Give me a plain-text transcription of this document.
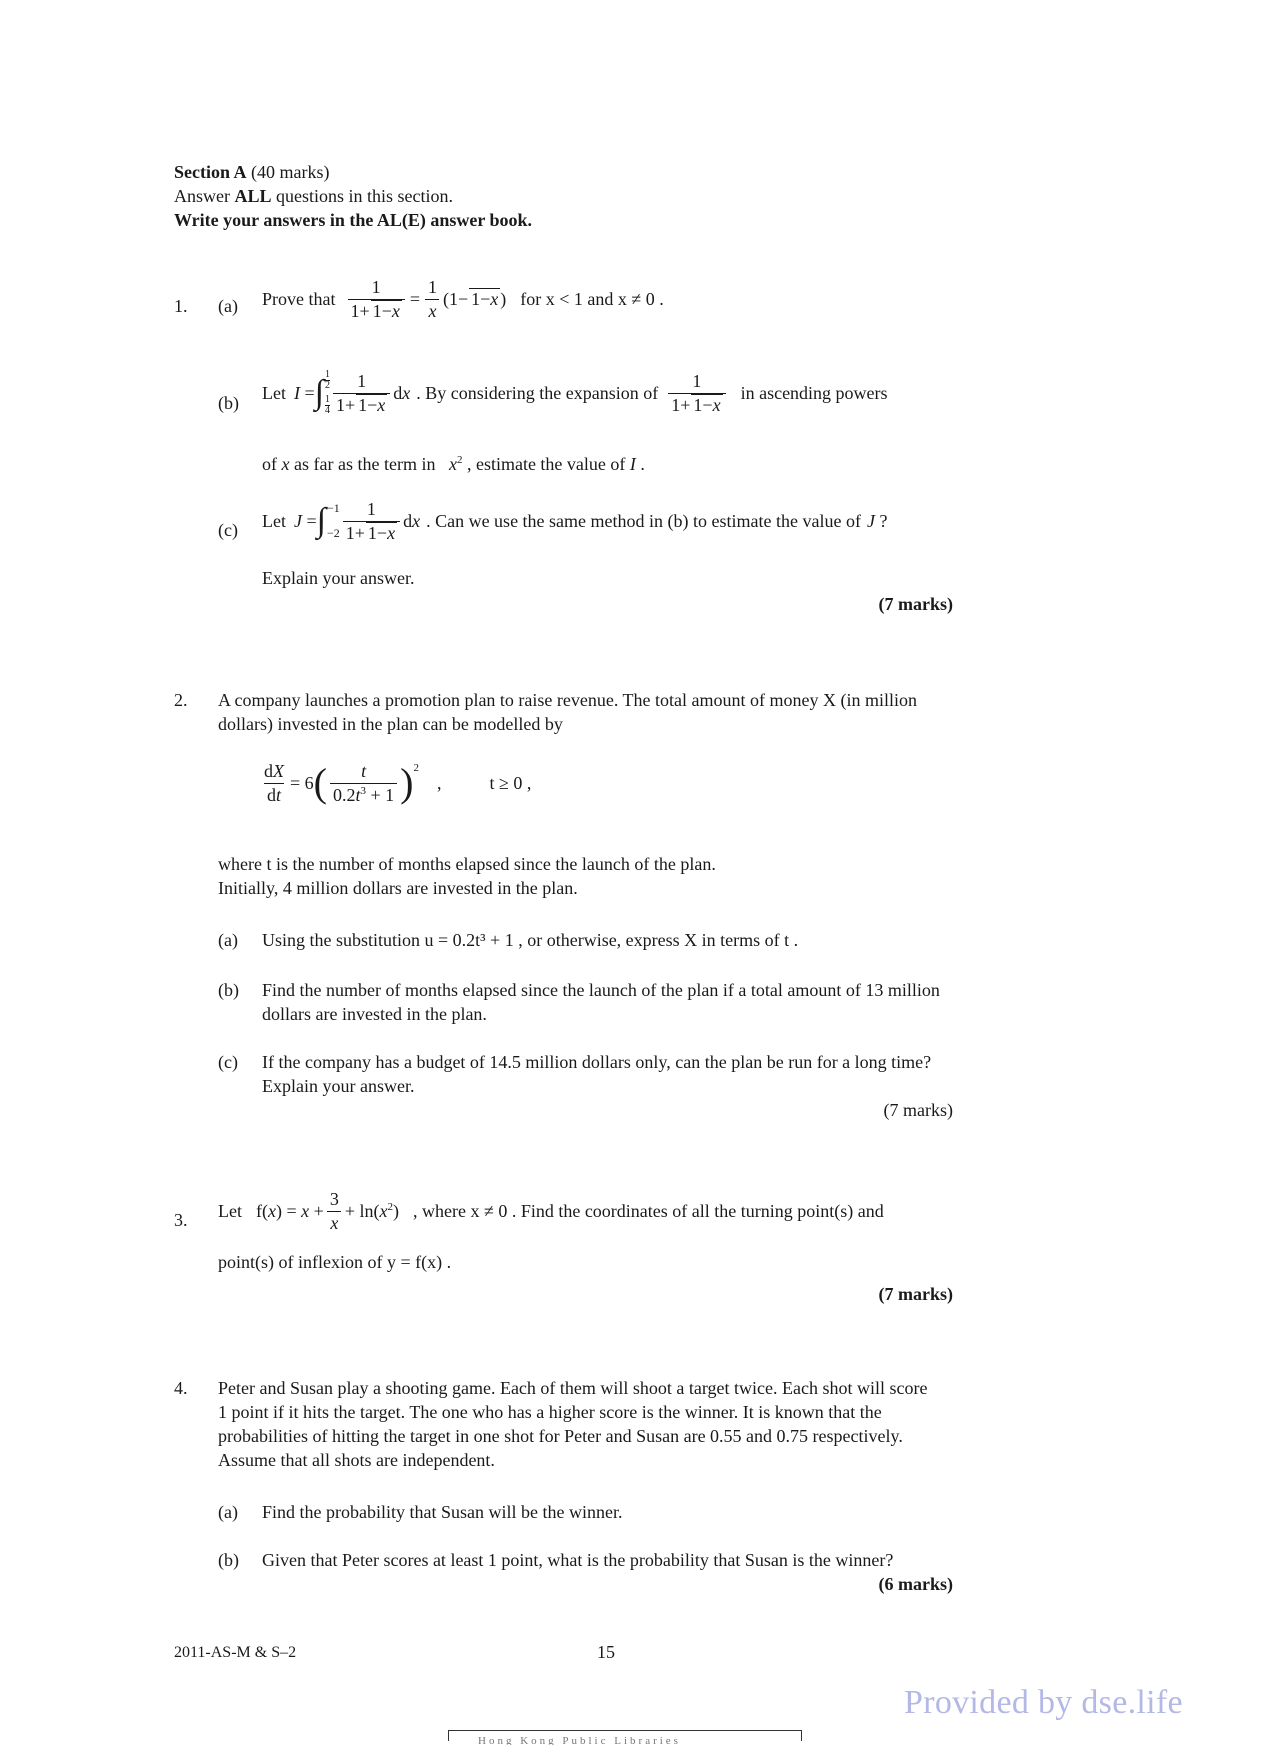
Section A (40 marks)
Answer ALL questions in this section.
Write your answers in the AL(E) answer book.
1. (a) Prove that $\frac{1}{1+ 1-x} = \frac{1}{x} (1- 1-x$ ) for x < 1 and x ≠ 0 .
(b)
Let I = ∫ $\frac{1}{2}$
$\frac{1}{4} \frac{1}{1+ 1-x}$ dx . By considering the expansion of $\frac{1}{1+ 1-x}$ in ascending powers
of x as far as the term in $x^2$ , estimate the value of I .
(c) Let J = ∫ −1
$-2 \frac{1}{1+ 1-x}$ dx . Can we use the same method in (b) to estimate the value of J ?
Explain your answer.
(7 marks)
2. A company launches a promotion plan to raise revenue. The total amount of money X (in million
dollars) invested in the plan can be modelled by
$\frac{dX}{dt} = 6$ ( $\frac{t}{0.2t^3 + 1} )^2$
,	t ≥ 0 ,
where t is the number of months elapsed since the launch of the plan.
Initially, 4 million dollars are invested in the plan.
(a) Using the substitution u = 0.2t³ + 1 , or otherwise, express X in terms of t .
(b) Find the number of months elapsed since the launch of the plan if a total amount of 13 million
dollars are invested in the plan.
(c) If the company has a budget of 14.5 million dollars only, can the plan be run for a long time?
Explain your answer.
(7 marks)
3. Let $f(x) = x + \frac{3}{x} + \ln(x^2)$ , where x ≠ 0 . Find the coordinates of all the turning point(s) and
point(s) of inflexion of y = f(x) .
(7 marks)
4. Peter and Susan play a shooting game. Each of them will shoot a target twice. Each shot will score
1 point if it hits the target. The one who has a higher score is the winner. It is known that the
probabilities of hitting the target in one shot for Peter and Susan are 0.55 and 0.75 respectively.
Assume that all shots are independent.
(a) Find the probability that Susan will be the winner.
(b) Given that Peter scores at least 1 point, what is the probability that Susan is the winner?
(6 marks)
2011-AS-M & S–2	15
Provided by dse.life
Hong Kong Public Libraries
